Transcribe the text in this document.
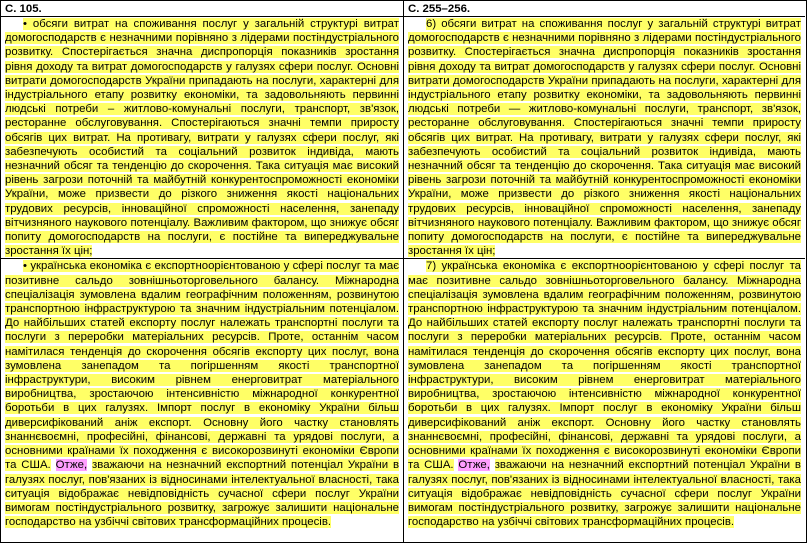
С. 105.

• обсяги витрат на споживання послуг у загальній структурі витрат домогосподарств є незначними порівняно з лідерами постіндустріального розвитку. Спостерігається значна диспропорція показників зростання рівня доходу та витрат домогосподарств у галузях сфери послуг. Основні витрати домогосподарств України припадають на послуги, характерні для індустріального етапу розвитку економіки, та задовольняють первинні людські потреби – житлово-комунальні послуги, транспорт, зв'язок, ресторанне обслуговування. Спостерігаються значні темпи приросту обсягів цих витрат. На противагу, витрати у галузях сфери послуг, які забезпечують особистий та соціальний розвиток індивіда, мають незначний обсяг та тенденцію до скорочення. Така ситуація має високий рівень загрози поточній та майбутній конкурентоспроможності економіки України, може призвести до різкого зниження якості національних трудових ресурсів, інноваційної спроможності населення, занепаду вітчизняного наукового потенціалу. Важливим фактором, що знижує обсяг попиту домогосподарств на послуги, є постійне та випереджувальне зростання їх цін;

• українська економіка є експортноорієнтованою у сфері послуг та має позитивне сальдо зовнішньоторговельного балансу. Міжнародна спеціалізація зумовлена вдалим географічним положенням, розвинутою транспортною інфраструктурою та значним індустріальним потенціалом. До найбільших статей експорту послуг належать транспортні послуги та послуги з переробки матеріальних ресурсів. Проте, останнім часом намітилася тенденція до скорочення обсягів експорту цих послуг, вона зумовлена занепадом та погіршенням якості транспортної інфраструктури, високим рівнем енерговитрат матеріального виробництва, зростаючою інтенсивністю міжнародної конкурентної боротьби в цих галузях. Імпорт послуг в економіку України більш диверсифікований аніж експорт. Основну його частку становлять знаннєвоємні, професійні, фінансові, державні та урядові послуги, а основними країнами їх походження є високорозвинуті економіки Європи та США. Отже, зважаючи на незначний експортний потенціал України в галузях послуг, пов'язаних із відносинами інтелектуальної власності, така ситуація відображає невідповідність сучасної сфери послуг України вимогам постіндустріального розвитку, загрожує залишити національне господарство на узбіччі світових трансформаційних процесів.

С. 255–256.

6) обсяги витрат на споживання послуг у загальній структурі витрат домогосподарств є незначними порівняно з лідерами постіндустріального розвитку. Спостерігається значна диспропорція показників зростання рівня доходу та витрат домогосподарств у галузях сфери послуг. Основні витрати домогосподарств України припадають на послуги, характерні для індустріального етапу розвитку економіки, та задовольняють первинні людські потреби — житлово-комунальні послуги, транспорт, зв'язок, ресторанне обслуговування. Спостерігаються значні темпи приросту обсягів цих витрат. На противагу, витрати у галузях сфери послуг, які забезпечують особистий та соціальний розвиток індивіда, мають незначний обсяг та тенденцію до скорочення. Така ситуація має високий рівень загрози поточній та майбутній конкурентоспроможності економіки України, може призвести до різкого зниження якості національних трудових ресурсів, інноваційної спроможності населення, занепаду вітчизняного наукового потенціалу. Важливим фактором, що знижує обсяг попиту домогосподарств на послуги, є постійне та випереджувальне зростання їх цін;

7) українська економіка є експортноорієнтованою у сфері послуг та має позитивне сальдо зовнішньоторговельного балансу. Міжнародна спеціалізація зумовлена вдалим географічним положенням, розвинутою транспортною інфраструктурою та значним індустріальним потенціалом. До найбільших статей експорту послуг належать транспортні послуги та послуги з переробки матеріальних ресурсів. Проте, останнім часом намітилася тенденція до скорочення обсягів експорту цих послуг, вона зумовлена занепадом та погіршенням якості транспортної інфраструктури, високим рівнем енерговитрат матеріального виробництва, зростаючою інтенсивністю міжнародної конкурентної боротьби в цих галузях. Імпорт послуг в економіку України більш диверсифікований аніж експорт. Основну його частку становлять знаннєвоємні, професійні, фінансові, державні та урядові послуги, а основними країнами їх походження є високорозвинуті економіки Європи та США. Отже, зважаючи на незначний експортний потенціал України в галузях послуг, пов'язаних із відносинами інтелектуальної власності, така ситуація відображає невідповідність сучасної сфери послуг України вимогам постіндустріального розвитку, загрожує залишити національне господарство на узбіччі світових трансформаційних процесів.
